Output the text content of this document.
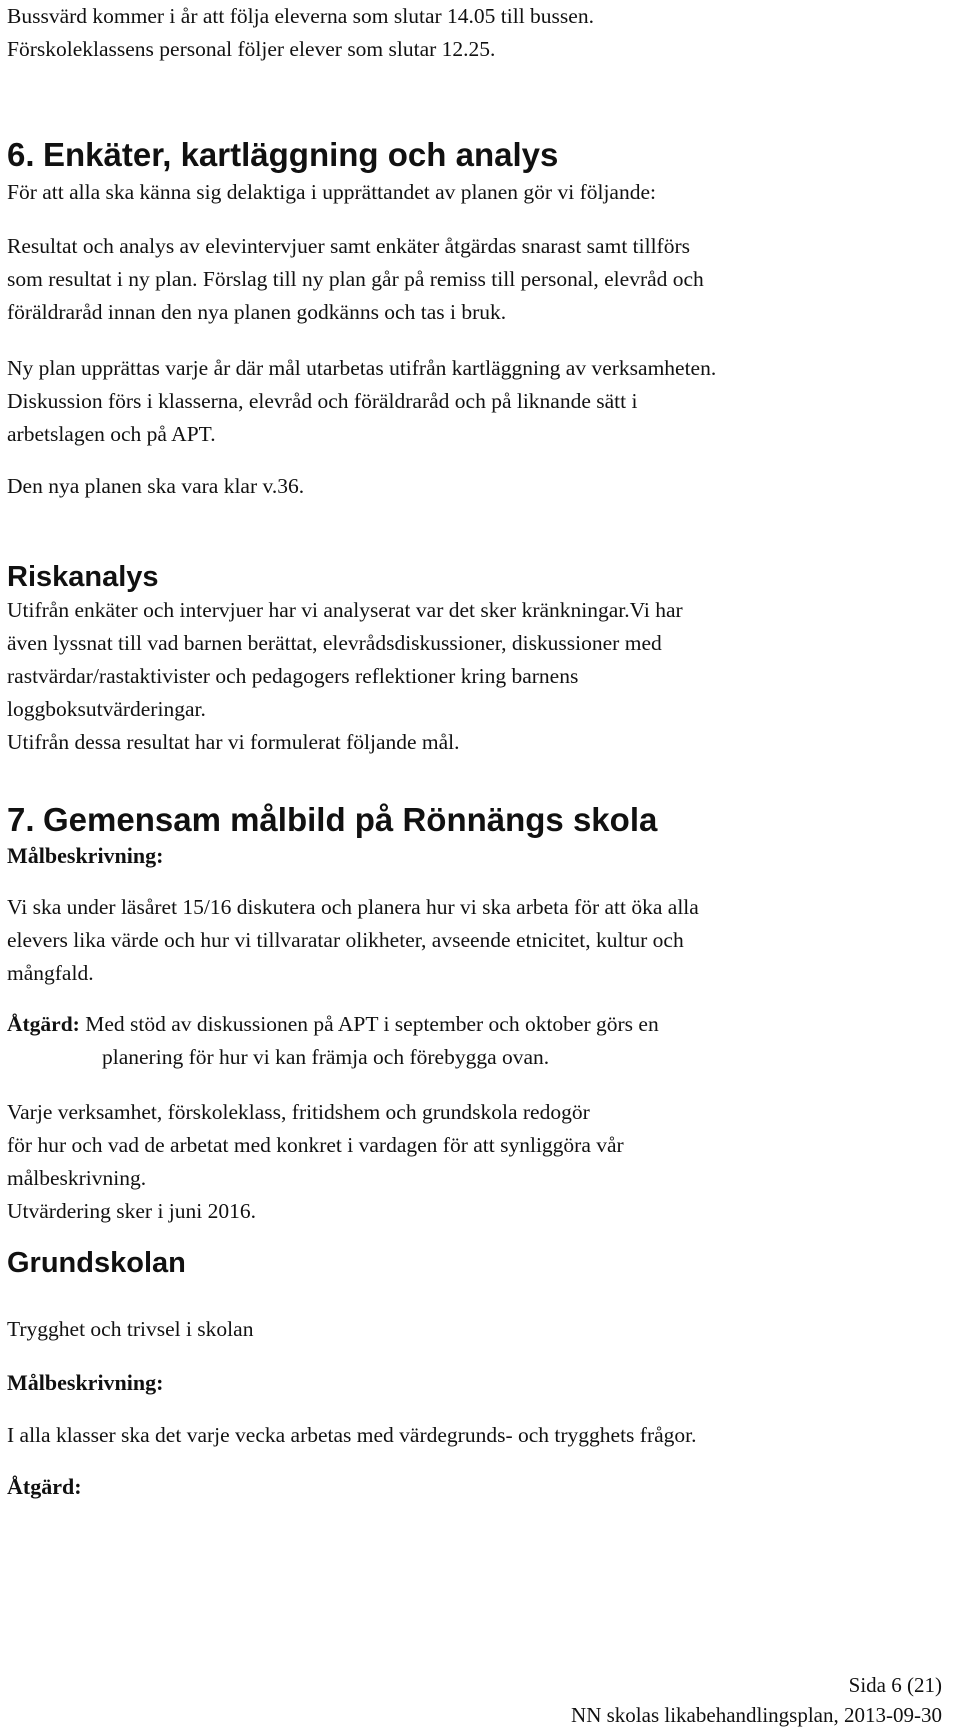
Bussvärd kommer i år att följa eleverna som slutar 14.05 till bussen.
Förskoleklassens personal följer elever som slutar 12.25.
6. Enkäter, kartläggning och analys
För att alla ska känna sig delaktiga i upprättandet av planen gör vi följande:
Resultat och analys av elevintervjuer samt enkäter åtgärdas snarast samt tillförs
som resultat i ny plan. Förslag till ny plan går på remiss till personal, elevråd och
föräldraråd innan den nya planen godkänns och tas i bruk.
Ny plan upprättas varje år där mål utarbetas utifrån kartläggning av verksamheten.
Diskussion förs i klasserna, elevråd och föräldraråd och på liknande sätt i
arbetslagen och på APT.
Den nya planen ska vara klar v.36.
Riskanalys
Utifrån enkäter och intervjuer har vi analyserat var det sker kränkningar.Vi har
även lyssnat till vad barnen berättat, elevrådsdiskussioner, diskussioner med
rastvärdar/rastaktivister och pedagogers reflektioner kring barnens
loggboksutvärderingar.
Utifrån dessa resultat har vi formulerat följande mål.
7. Gemensam målbild på Rönnängs skola
Målbeskrivning:
Vi ska under läsåret 15/16 diskutera och planera hur vi ska arbeta för att öka alla
elevers lika värde och hur vi tillvaratar olikheter, avseende etnicitet, kultur och
mångfald.
Åtgärd: Med stöd av diskussionen på APT i september och oktober görs en
planering för hur vi kan främja och förebygga ovan.
Varje verksamhet, förskoleklass, fritidshem och grundskola redogör
för hur och vad de arbetat med konkret i vardagen för att synliggöra vår
målbeskrivning.
Utvärdering sker i juni 2016.
Grundskolan
Trygghet och trivsel i skolan
Målbeskrivning:
I alla klasser ska det varje vecka arbetas med värdegrunds- och trygghets frågor.
Åtgärd:
Sida 6 (21)
NN skolas likabehandlingsplan, 2013-09-30
